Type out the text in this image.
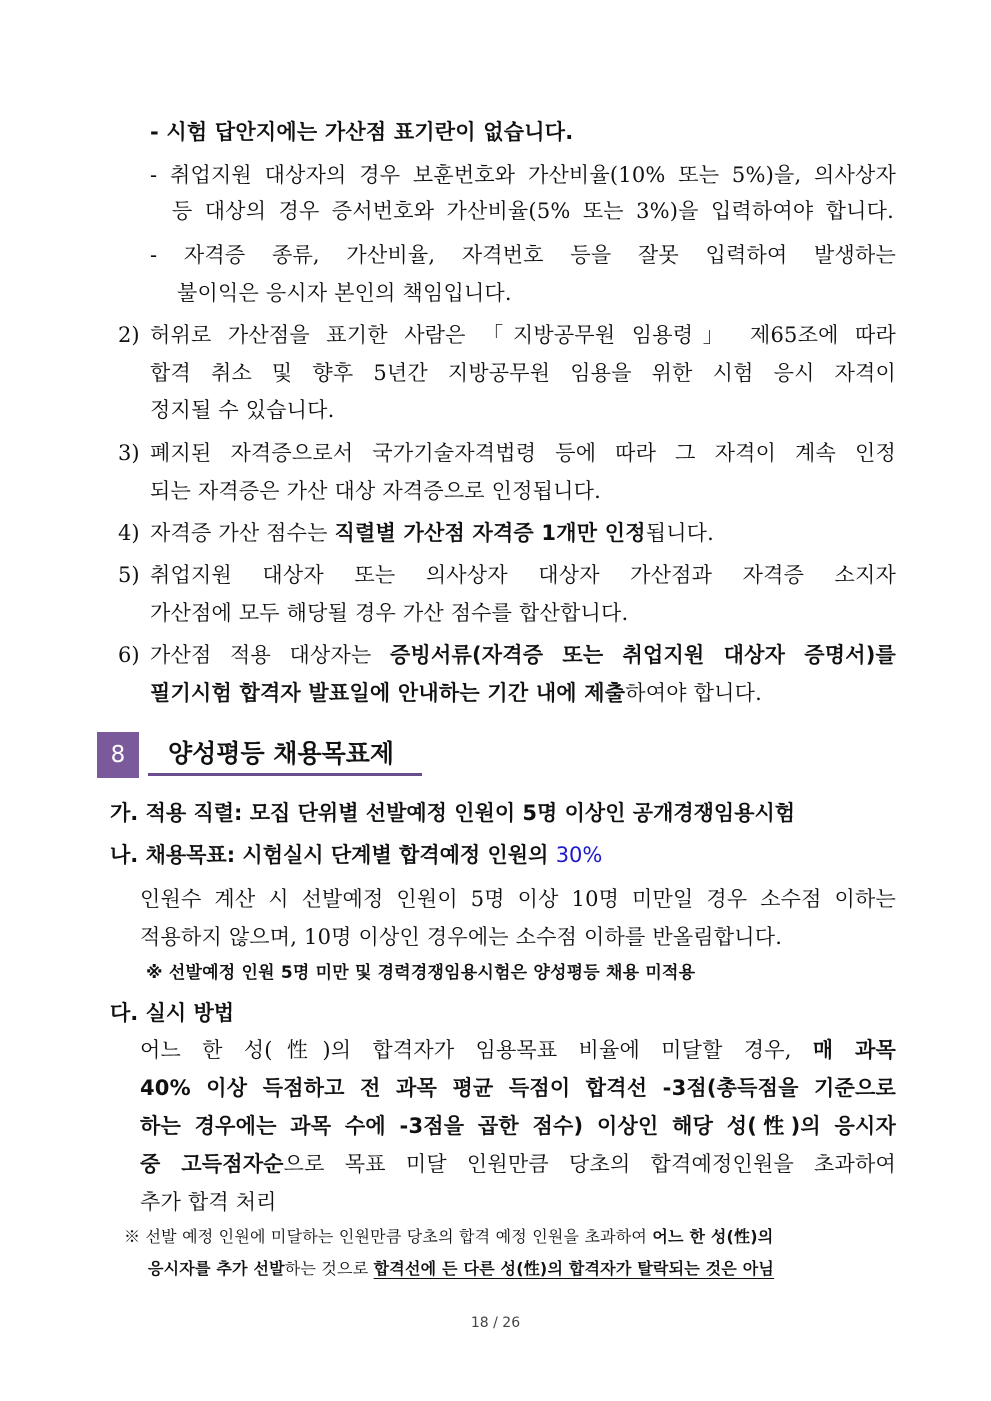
- 시험 답안지에는 가산점 표기란이 없습니다.
- 취업지원 대상자의 경우 보훈번호와 가산비율(10% 또는 5%)을, 의사상자
등 대상의 경우 증서번호와 가산비율(5% 또는 3%)을 입력하여야 합니다.
- 자격증 종류, 가산비율, 자격번호 등을 잘못 입력하여 발생하는
불이익은 응시자 본인의 책임입니다.
2) 허위로 가산점을 표기한 사람은 「지방공무원 임용령」 제65조에 따라
합격 취소 및 향후 5년간 지방공무원 임용을 위한 시험 응시 자격이
정지될 수 있습니다.
3) 폐지된 자격증으로서 국가기술자격법령 등에 따라 그 자격이 계속 인정
되는 자격증은 가산 대상 자격증으로 인정됩니다.
4) 자격증 가산 점수는 직렬별 가산점 자격증 1개만 인정됩니다.
5) 취업지원 대상자 또는 의사상자 대상자 가산점과 자격증 소지자
가산점에 모두 해당될 경우 가산 점수를 합산합니다.
6) 가산점 적용 대상자는 증빙서류(자격증 또는 취업지원 대상자 증명서)를
필기시험 합격자 발표일에 안내하는 기간 내에 제출하여야 합니다.
8	양성평등 채용목표제
가. 적용 직렬: 모집 단위별 선발예정 인원이 5명 이상인 공개경쟁임용시험
나. 채용목표: 시험실시 단계별 합격예정 인원의 30%
인원수 계산 시 선발예정 인원이 5명 이상 10명 미만일 경우 소수점 이하는
적용하지 않으며, 10명 이상인 경우에는 소수점 이하를 반올림합니다.
※ 선발예정 인원 5명 미만 및 경력경쟁임용시험은 양성평등 채용 미적용
다. 실시 방법
어느 한 성(性)의 합격자가 임용목표 비율에 미달할 경우, 매 과목
40% 이상 득점하고 전 과목 평균 득점이 합격선 -3점(총득점을 기준으로
하는 경우에는 과목 수에 -3점을 곱한 점수) 이상인 해당 성(性)의 응시자
중 고득점자순으로 목표 미달 인원만큼 당초의 합격예정인원을 초과하여
추가 합격 처리
※ 선발 예정 인원에 미달하는 인원만큼 당초의 합격 예정 인원을 초과하여 어느 한 성(性)의
응시자를 추가 선발하는 것으로 합격선에 든 다른 성(性)의 합격자가 탈락되는 것은 아님
18 / 26
